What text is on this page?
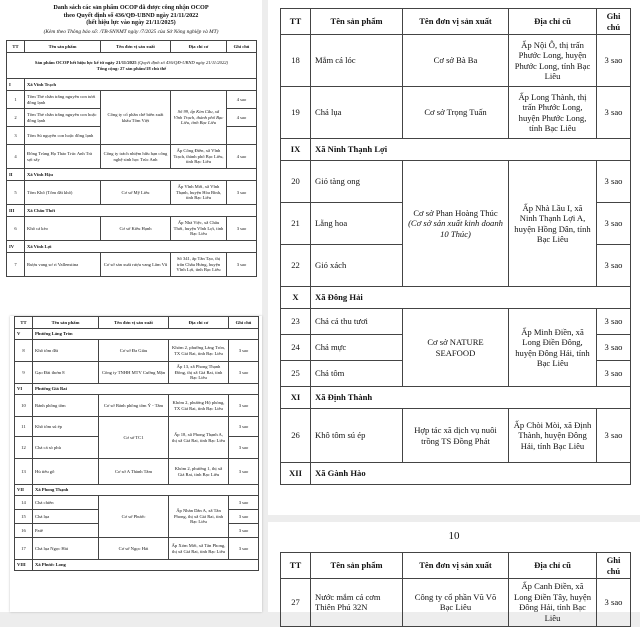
Danh sách các sản phẩm OCOP đã được công nhận OCOP
theo Quyết định số 436/QĐ-UBND ngày 21/11/2022
(hết hiệu lực vào ngày 21/11/2025)
(Kèm theo Thông báo số: /TB-SNNMT ngày /7/2025 của Sở Nông nghiệp và MT)
TT	Tên sản phẩm	Tên đơn vị sản xuất	Địa chỉ cơ	Ghi chú
Sản phẩm OCOP hết hiệu lực kể từ ngày 21/11/2025 (Quyết định số 436/QĐ-UBND ngày 21/11/2022)
Tổng cộng: 27 sản phẩm/18 chủ thể				
I	Xã Vĩnh Trạch			
1	Tôm Thẻ chân trắng nguyên con tươi đông lạnh	Công ty cổ phần chế biến xuất khẩu Tôm Việt	Số 99, ấp Kim Cầu, xã Vĩnh Trạch, thành phố Bạc Liêu, tỉnh Bạc Liêu	4 sao
2	Tôm Thẻ chân trắng nguyên con hoặc đông lạnh			4 sao
3	Tôm Sú nguyên con hoặc đông lạnh			
4	Đông Trùng Hạ Thảo Trúc Anh Trà sợi sấy	Công ty trách nhiệm hữu hạn công nghệ sinh học Trúc Anh	Ấp Công Điền, xã Vĩnh Trạch, thành phố Bạc Liêu, tỉnh Bạc Liêu	4 sao
II	Xã Vĩnh Hậu			
5	Tôm Khô (Tôm đất khô)	Cơ sở Mỹ Liêu	Ấp Vĩnh Mới, xã Vĩnh Thạnh, huyện Hòa Bình, tỉnh Bạc Liêu	3 sao
III	Xã Châu Thới			
6	Khô cá kèo	Cơ sở Kiều Hạnh	Ấp Nhà Việc, xã Châu Thới, huyện Vĩnh Lợi, tỉnh Bạc Liêu	3 sao
IV	Xã Vĩnh Lợi			
7	Rượu vang sơ ri Vallenstina	Cơ sở sản xuất rượu vang Lâm Vũ	Số 341, ấp Tân Tạo, thị trấn Châu Hưng, huyện Vĩnh Lợi, tỉnh Bạc Liêu	3 sao
TT	Tên sản phẩm	Tên đơn vị sản xuất	Địa chỉ cơ	Ghi chú
V	Phường Láng Tròn			
8	Khô tôm đất	Cơ sở Đa Giàu	Khóm 2, phường Láng Tròn, TX Giá Rai, tỉnh Bạc Liêu	3 sao
9	Gạo Đài thơm 8	Công ty TNHH MTV Cường Mận	Ấp 13, xã Phong Thạnh Đông, thị xã Giá Rai, tỉnh Bạc Liêu	3 sao
VI	Phường Giá Rai			
10	Bánh phồng tôm	Cơ sở Bánh phồng tôm Ý - Tâm	Khóm 2, phường Hộ phòng, TX Giá Rai, tỉnh Bạc Liêu	3 sao
11	Khô tôm sú ép	Cơ sở TC1	Ấp 18, xã Phong Thạnh A, thị xã Giá Rai, tỉnh Bạc Liêu	3 sao
12	Chả cá sò phù			3 sao
13	Hủ tiếu gõ	Cơ sở A Thành Tâm	Khóm 2, phường 1, thị xã Giá Rai, tỉnh Bạc Liêu	3 sao
VII	Xã Phong Thạnh			
14	Chả chiên	Cơ sở Phước	Ấp Nhàn Dân A, xã Tân Phong, thị xã Giá Rai, tỉnh Bạc Liêu	3 sao
15	Chả lụa			3 sao
16	Patê			3 sao
17	Chả lụa Ngọc Hải	Cơ sở Ngọc Hải	Ấp Xóm Mới, xã Tân Phong, thị xã Giá Rai, tỉnh Bạc Liêu	3 sao
VIII	Xã Phước Long			
TT	Tên sản phẩm	Tên đơn vị sản xuất	Địa chỉ cũ	Ghi chú
18	Mắm cá lóc	Cơ sở Bà Ba	Ấp Nội Ô, thị trấn Phước Long, huyện Phước Long, tỉnh Bạc Liêu	3 sao
19	Chả lụa	Cơ sở Trọng Tuấn	Ấp Long Thành, thị trấn Phước Long, huyện Phước Long, tỉnh Bạc Liêu	3 sao
IX	Xã Ninh Thạnh Lợi			
20	Giỏ tàng ong	Cơ sở Phan Hoàng Thúc
(Cơ sở sản xuất kinh doanh 10 Thúc)	Ấp Nhà Lầu I, xã Ninh Thạnh Lợi A, huyện Hồng Dân, tỉnh Bạc Liêu	3 sao
21	Lẵng hoa			3 sao
22	Giỏ xách			3 sao
X	Xã Đông Hải			
23	Chả cá thu tươi	Cơ sở NATURE SEAFOOD	Ấp Minh Điền, xã Long Điền Đông, huyện Đông Hải, tỉnh Bạc Liêu	3 sao
24	Chả mực			3 sao
25	Chả tôm			3 sao
XI	Xã Định Thành			
26	Khô tôm sú ép	Hợp tác xã dịch vụ nuôi trồng TS Đồng Phát	Ấp Chòi Mòi, xã Định Thành, huyện Đông Hải, tỉnh Bạc Liêu	3 sao
XII	Xã Gành Hào			
10
TT	Tên sản phẩm	Tên đơn vị sản xuất	Địa chỉ cũ	Ghi chú
27	Nước mắm cá cơm Thiên Phú 32N	Công ty cổ phần Vũ Võ Bạc Liêu	Ấp Canh Điền, xã Long Điền Tây, huyện Đông Hải, tỉnh Bạc Liêu	3 sao
